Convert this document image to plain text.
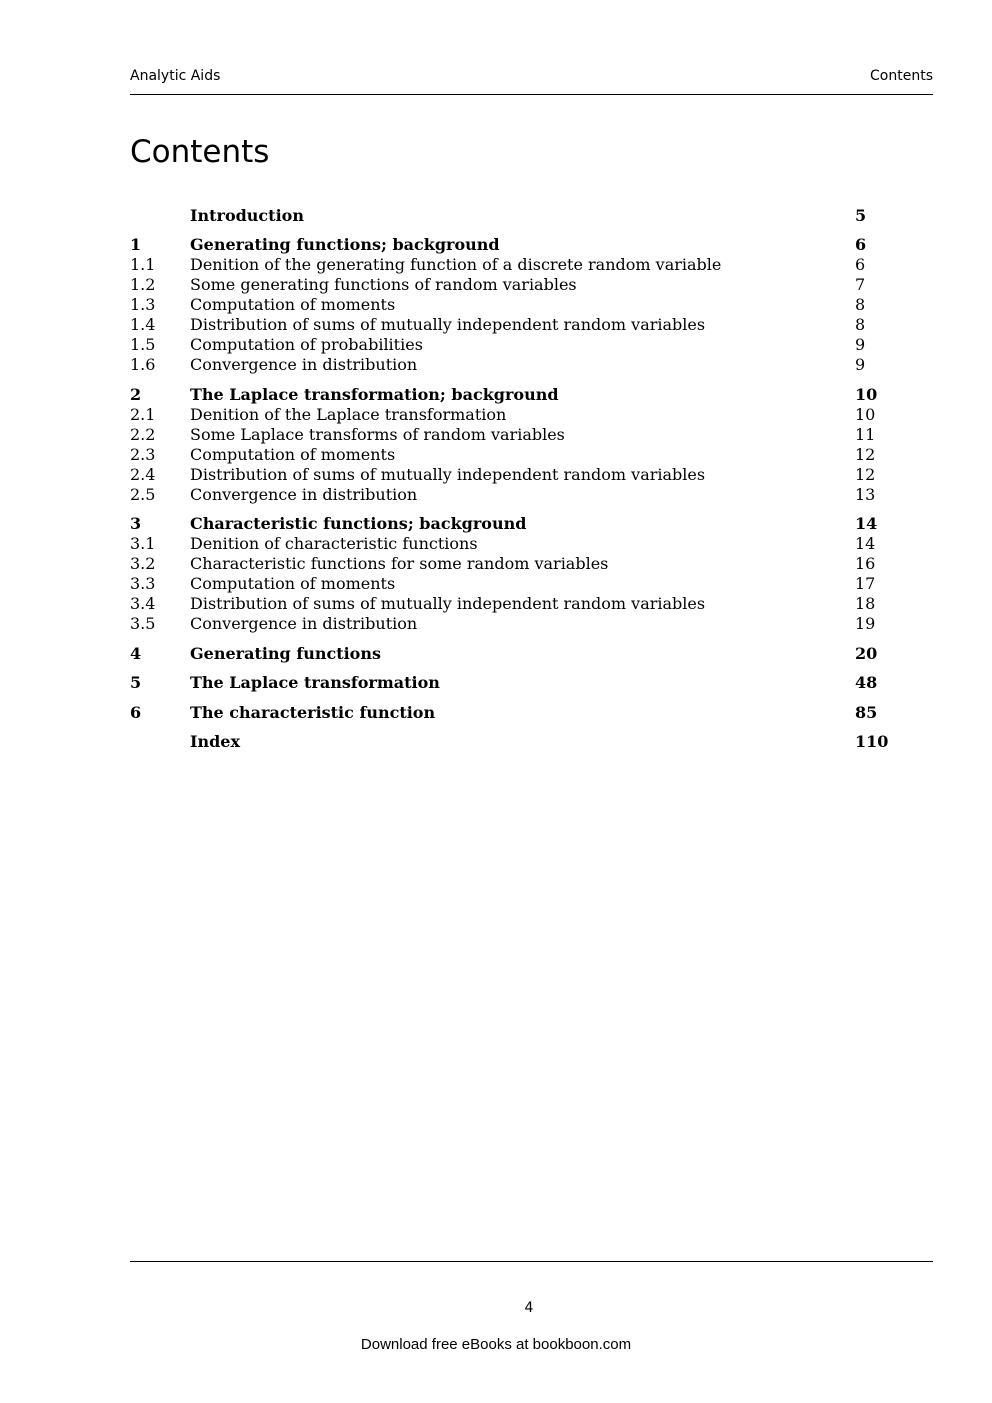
Analytic Aids	Contents
Contents
Introduction	5
1	Generating functions; background	6
1.1 Denition of the generating function of a discrete random variable	6
1.2 Some generating functions of random variables	7
1.3 Computation of moments	8
1.4 Distribution of sums of mutually independent random variables	8
1.5 Computation of probabilities	9
1.6 Convergence in distribution	9
2	The Laplace transformation; background	10
2.1 Denition of the Laplace transformation	10
2.2 Some Laplace transforms of random variables	11
2.3 Computation of moments	12
2.4 Distribution of sums of mutually independent random variables	12
2.5 Convergence in distribution	13
3	Characteristic functions; background	14
3.1 Denition of characteristic functions	14
3.2 Characteristic functions for some random variables	16
3.3 Computation of moments	17
3.4 Distribution of sums of mutually independent random variables	18
3.5 Convergence in distribution	19
4	Generating functions	20
5	The Laplace transformation	48
6	The characteristic function	85
Index	110
4
Download free eBooks at bookboon.com
